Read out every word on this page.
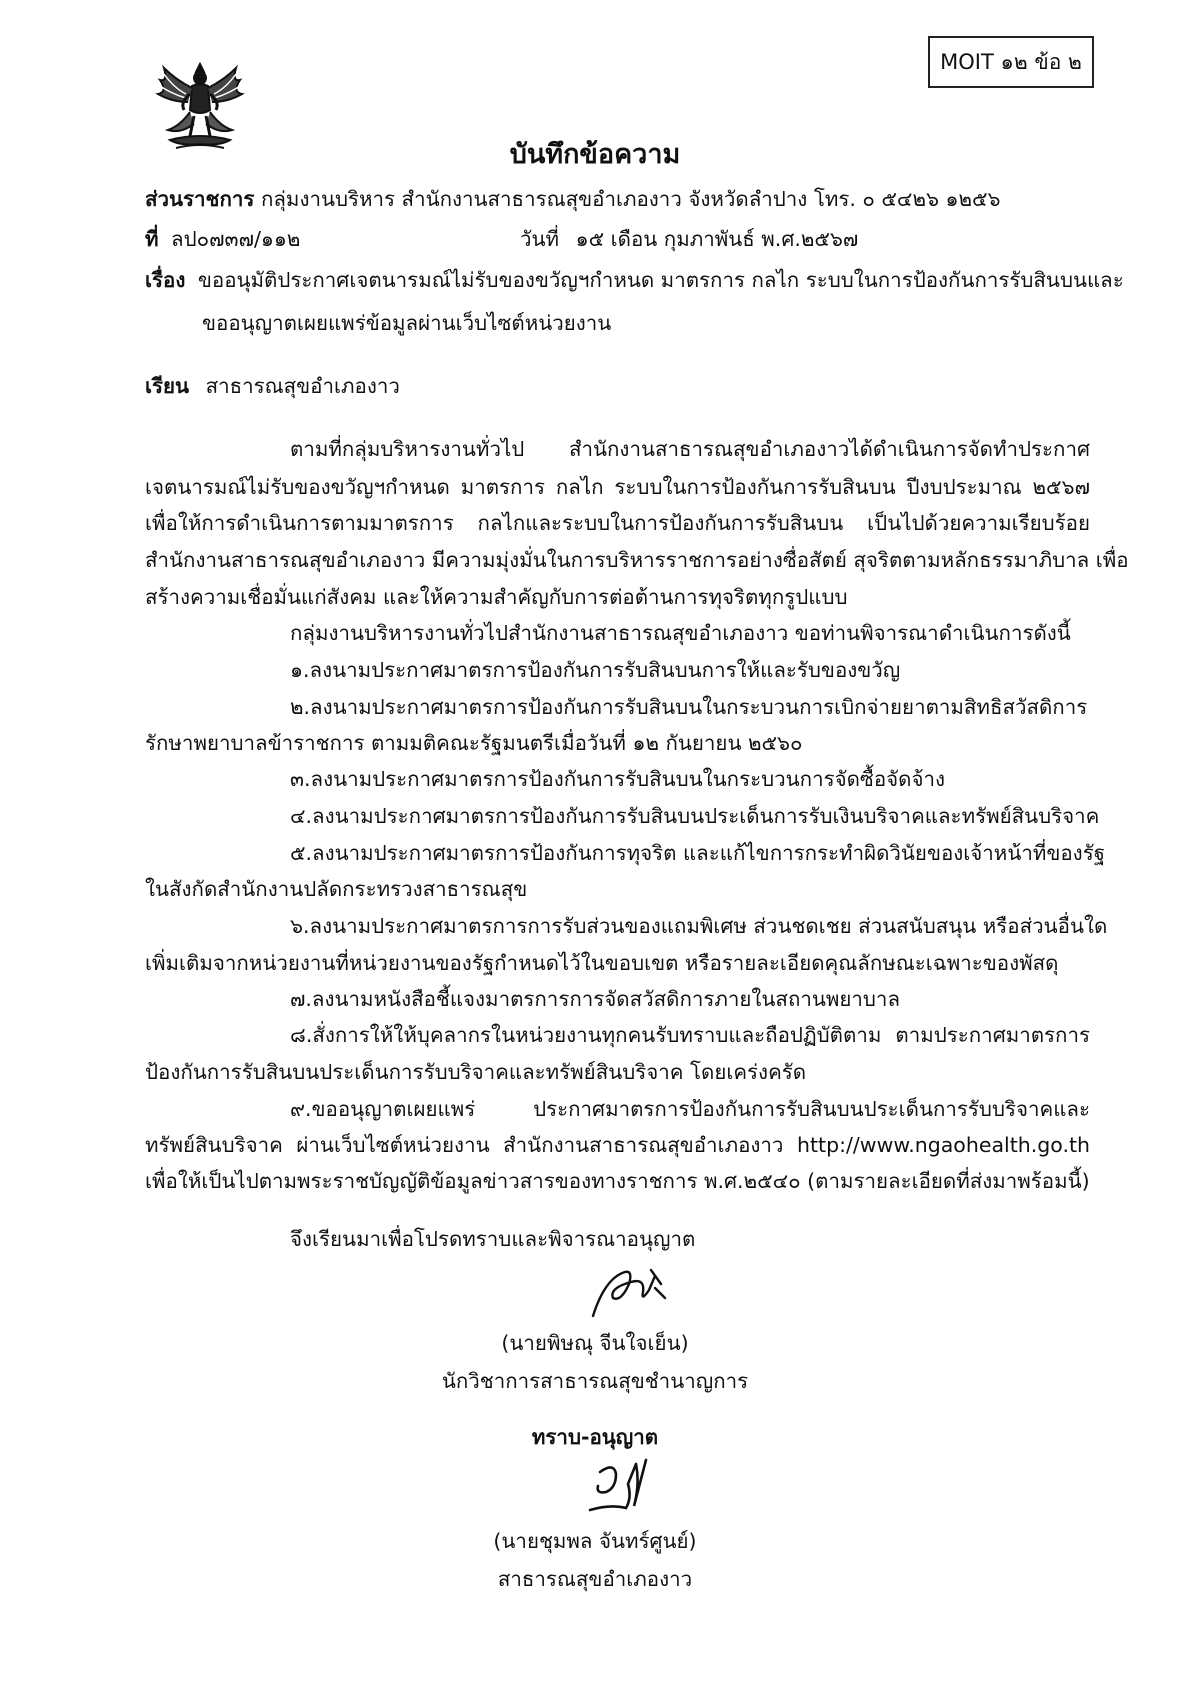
MOIT ๑๒ ข้อ ๒
บันทึกข้อความ
ส่วนราชการ กลุ่มงานบริหาร สำนักงานสาธารณสุขอำเภองาว จังหวัดลำปาง โทร. ๐ ๕๔๒๖ ๑๒๕๖
ที่ ลป๐๗๓๗/๑๑๒	วันที่ ๑๕ เดือน กุมภาพันธ์ พ.ศ.๒๕๖๗
เรื่อง ขออนุมัติประกาศเจตนารมณ์ไม่รับของขวัญฯกำหนด มาตรการ กลไก ระบบในการป้องกันการรับสินบนและ
ขออนุญาตเผยแพร่ข้อมูลผ่านเว็บไซต์หน่วยงาน
เรียน สาธารณสุขอำเภองาว
ตามที่กลุ่มบริหารงานทั่วไป สำนักงานสาธารณสุขอำเภองาวได้ดำเนินการจัดทำประกาศ
เจตนารมณ์ไม่รับของขวัญฯกำหนด มาตรการ กลไก ระบบในการป้องกันการรับสินบน ปีงบประมาณ ๒๕๖๗
เพื่อให้การดำเนินการตามมาตรการ กลไกและระบบในการป้องกันการรับสินบน เป็นไปด้วยความเรียบร้อย
สำนักงานสาธารณสุขอำเภองาว มีความมุ่งมั่นในการบริหารราชการอย่างซื่อสัตย์ สุจริตตามหลักธรรมาภิบาล เพื่อ
สร้างความเชื่อมั่นแก่สังคม และให้ความสำคัญกับการต่อต้านการทุจริตทุกรูปแบบ
กลุ่มงานบริหารงานทั่วไปสำนักงานสาธารณสุขอำเภองาว ขอท่านพิจารณาดำเนินการดังนี้
๑.ลงนามประกาศมาตรการป้องกันการรับสินบนการให้และรับของขวัญ
๒.ลงนามประกาศมาตรการป้องกันการรับสินบนในกระบวนการเบิกจ่ายยาตามสิทธิสวัสดิการ
รักษาพยาบาลข้าราชการ ตามมติคณะรัฐมนตรีเมื่อวันที่ ๑๒ กันยายน ๒๕๖๐
๓.ลงนามประกาศมาตรการป้องกันการรับสินบนในกระบวนการจัดซื้อจัดจ้าง
๔.ลงนามประกาศมาตรการป้องกันการรับสินบนประเด็นการรับเงินบริจาคและทรัพย์สินบริจาค
๕.ลงนามประกาศมาตรการป้องกันการทุจริต และแก้ไขการกระทำผิดวินัยของเจ้าหน้าที่ของรัฐ
ในสังกัดสำนักงานปลัดกระทรวงสาธารณสุข
๖.ลงนามประกาศมาตรการการรับส่วนของแถมพิเศษ ส่วนชดเชย ส่วนสนับสนุน หรือส่วนอื่นใด
เพิ่มเติมจากหน่วยงานที่หน่วยงานของรัฐกำหนดไว้ในขอบเขต หรือรายละเอียดคุณลักษณะเฉพาะของพัสดุ
๗.ลงนามหนังสือชี้แจงมาตรการการจัดสวัสดิการภายในสถานพยาบาล
๘.สั่งการให้ให้บุคลากรในหน่วยงานทุกคนรับทราบและถือปฏิบัติตาม ตามประกาศมาตรการ
ป้องกันการรับสินบนประเด็นการรับบริจาคและทรัพย์สินบริจาค โดยเคร่งครัด
๙.ขออนุญาตเผยแพร่ ประกาศมาตรการป้องกันการรับสินบนประเด็นการรับบริจาคและ
ทรัพย์สินบริจาค ผ่านเว็บไซต์หน่วยงาน สำนักงานสาธารณสุขอำเภองาว http://www.ngaohealth.go.th
เพื่อให้เป็นไปตามพระราชบัญญัติข้อมูลข่าวสารของทางราชการ พ.ศ.๒๕๔๐ (ตามรายละเอียดที่ส่งมาพร้อมนี้)
จึงเรียนมาเพื่อโปรดทราบและพิจารณาอนุญาต
(นายพิษณุ จีนใจเย็น)
นักวิชาการสาธารณสุขชำนาญการ
ทราบ-อนุญาต
(นายชุมพล จันทร์ศูนย์)
สาธารณสุขอำเภองาว
